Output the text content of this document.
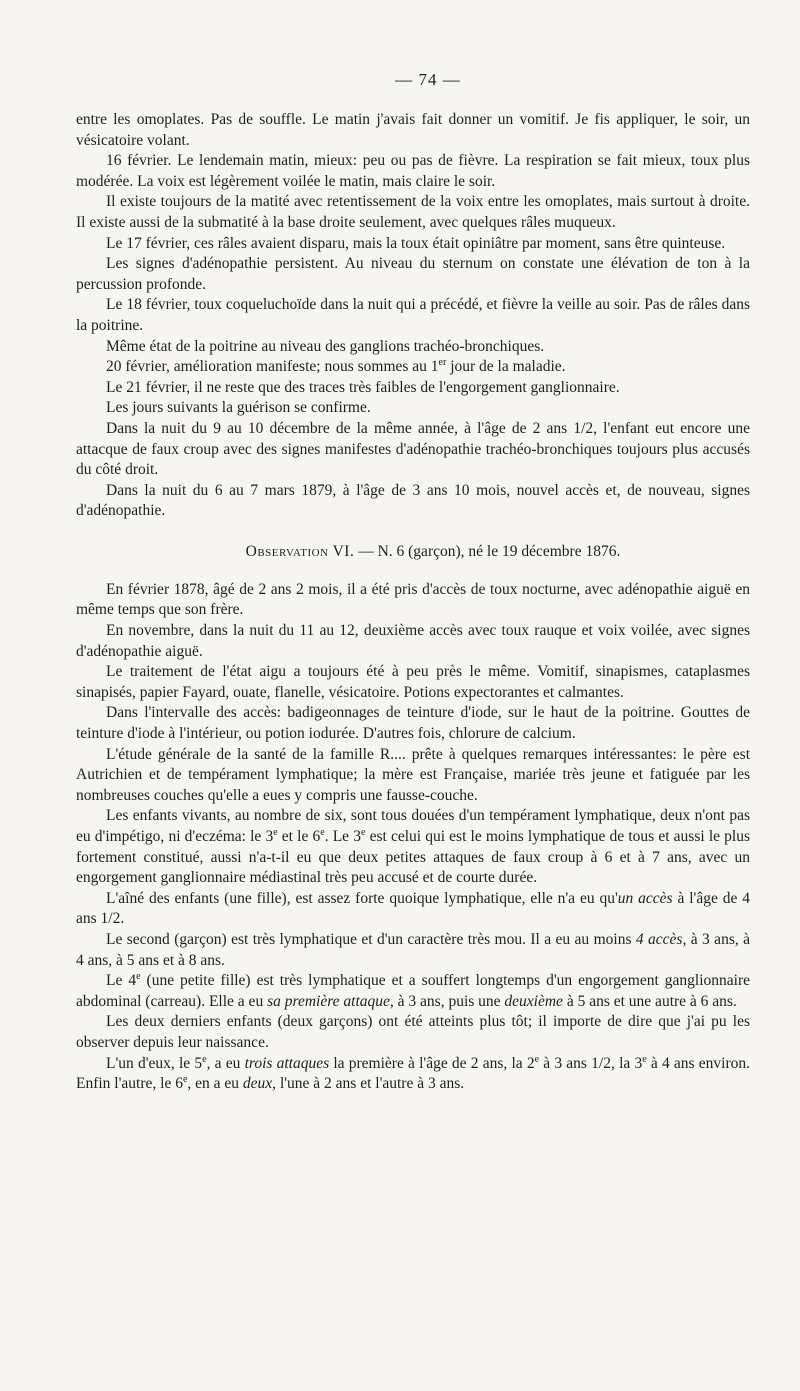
— 74 —

entre les omoplates. Pas de souffle. Le matin j'avais fait donner un vomitif. Je fis appliquer, le soir, un vésicatoire volant.

16 février. Le lendemain matin, mieux: peu ou pas de fièvre. La respiration se fait mieux, toux plus modérée. La voix est légèrement voilée le matin, mais claire le soir.

Il existe toujours de la matité avec retentissement de la voix entre les omoplates, mais surtout à droite. Il existe aussi de la submatité à la base droite seulement, avec quelques râles muqueux.

Le 17 février, ces râles avaient disparu, mais la toux était opiniâtre par moment, sans être quinteuse.

Les signes d'adénopathie persistent. Au niveau du sternum on constate une élévation de ton à la percussion profonde.

Le 18 février, toux coqueluchoïde dans la nuit qui a précédé, et fièvre la veille au soir. Pas de râles dans la poitrine.

Même état de la poitrine au niveau des ganglions trachéo-bronchiques.

20 février, amélioration manifeste; nous sommes au 1er jour de la maladie.

Le 21 février, il ne reste que des traces très faibles de l'engorgement ganglionnaire.

Les jours suivants la guérison se confirme.

Dans la nuit du 9 au 10 décembre de la même année, à l'âge de 2 ans 1/2, l'enfant eut encore une attacque de faux croup avec des signes manifestes d'adénopathie trachéo-bronchiques toujours plus accusés du côté droit.

Dans la nuit du 6 au 7 mars 1879, à l'âge de 3 ans 10 mois, nouvel accès et, de nouveau, signes d'adénopathie.

Observation VI. — N. 6 (garçon), né le 19 décembre 1876.

En février 1878, âgé de 2 ans 2 mois, il a été pris d'accès de toux nocturne, avec adénopathie aiguë en même temps que son frère.

En novembre, dans la nuit du 11 au 12, deuxième accès avec toux rauque et voix voilée, avec signes d'adénopathie aiguë.

Le traitement de l'état aigu a toujours été à peu près le même. Vomitif, sinapismes, cataplasmes sinapisés, papier Fayard, ouate, flanelle, vésicatoire. Potions expectorantes et calmantes.

Dans l'intervalle des accès: badigeonnages de teinture d'iode, sur le haut de la poitrine. Gouttes de teinture d'iode à l'intérieur, ou potion iodurée. D'autres fois, chlorure de calcium.

L'étude générale de la santé de la famille R.... prête à quelques remarques intéressantes: le père est Autrichien et de tempérament lymphatique; la mère est Française, mariée très jeune et fatiguée par les nombreuses couches qu'elle a eues y compris une fausse-couche.

Les enfants vivants, au nombre de six, sont tous douées d'un tempérament lymphatique, deux n'ont pas eu d'impétigo, ni d'eczéma: le 3e et le 6e. Le 3e est celui qui est le moins lymphatique de tous et aussi le plus fortement constitué, aussi n'a-t-il eu que deux petites attaques de faux croup à 6 et à 7 ans, avec un engorgement ganglionnaire médiastinal très peu accusé et de courte durée.

L'aîné des enfants (une fille), est assez forte quoique lymphatique, elle n'a eu qu'un accès à l'âge de 4 ans 1/2.

Le second (garçon) est très lymphatique et d'un caractère très mou. Il a eu au moins 4 accès, à 3 ans, à 4 ans, à 5 ans et à 8 ans.

Le 4e (une petite fille) est très lymphatique et a souffert longtemps d'un engorgement ganglionnaire abdominal (carreau). Elle a eu sa première attaque, à 3 ans, puis une deuxième à 5 ans et une autre à 6 ans.

Les deux derniers enfants (deux garçons) ont été atteints plus tôt; il importe de dire que j'ai pu les observer depuis leur naissance.

L'un d'eux, le 5e, a eu trois attaques la première à l'âge de 2 ans, la 2e à 3 ans 1/2, la 3e à 4 ans environ. Enfin l'autre, le 6e, en a eu deux, l'une à 2 ans et l'autre à 3 ans.
